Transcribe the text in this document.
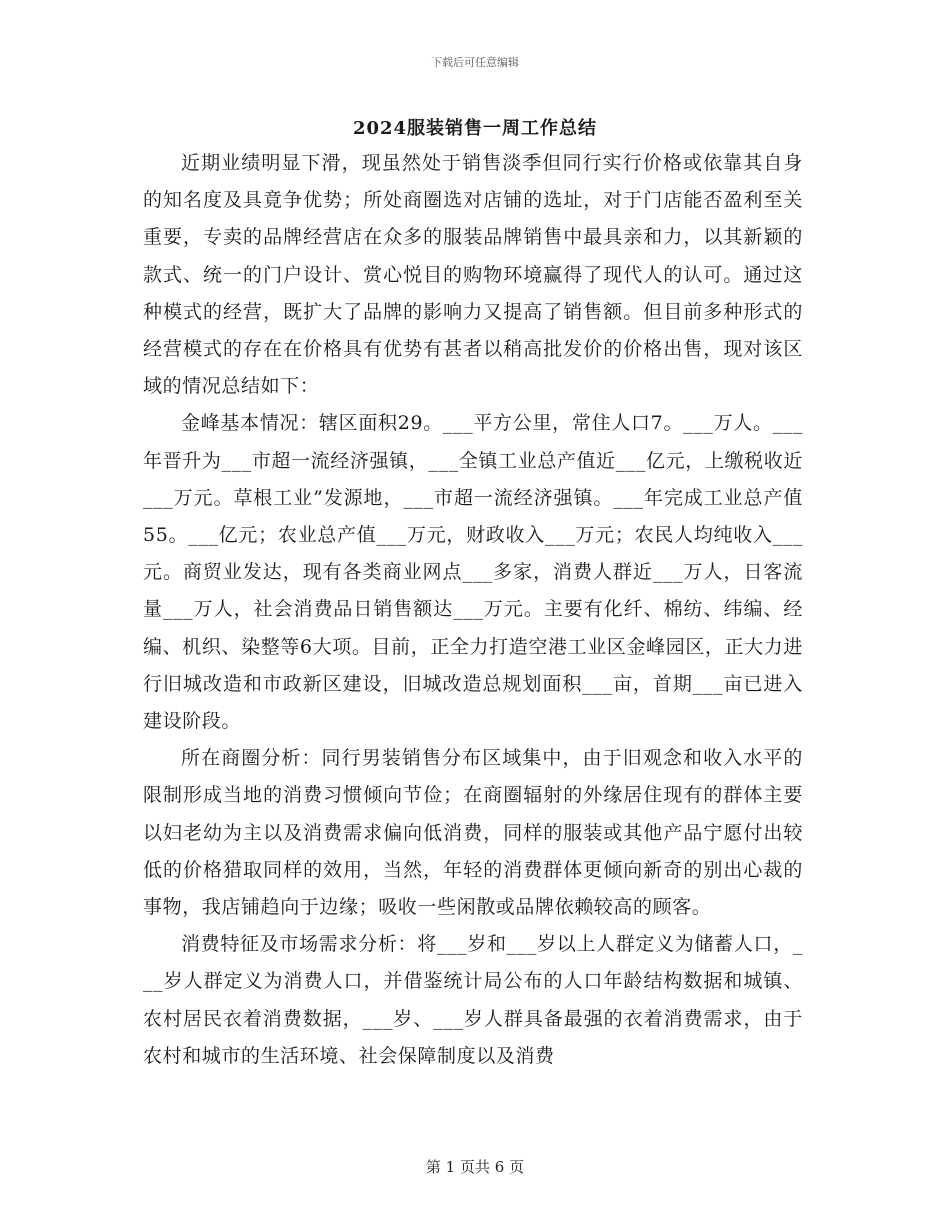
下载后可任意编辑
2024服装销售一周工作总结

近期业绩明显下滑，现虽然处于销售淡季但同行实行价格或依靠其自身的知名度及具竟争优势；所处商圈选对店铺的选址，对于门店能否盈利至关重要，专卖的品牌经营店在众多的服装品牌销售中最具亲和力，以其新颖的款式、统一的门户设计、赏心悦目的购物环境赢得了现代人的认可。通过这种模式的经营，既扩大了品牌的影响力又提高了销售额。但目前多种形式的经营模式的存在在价格具有优势有甚者以稍高批发价的价格出售，现对该区域的情况总结如下：

金峰基本情况：辖区面积29。___平方公里，常住人口7。___万人。___年晋升为___市超一流经济强镇，___全镇工业总产值近___亿元，上缴税收近___万元。草根工业”发源地，___市超一流经济强镇。___年完成工业总产值55。___亿元；农业总产值___万元，财政收入___万元；农民人均纯收入___元。商贸业发达，现有各类商业网点___多家，消费人群近___万人，日客流量___万人，社会消费品日销售额达___万元。主要有化纤、棉纺、纬编、经编、机织、染整等6大项。目前，正全力打造空港工业区金峰园区，正大力进行旧城改造和市政新区建设，旧城改造总规划面积___亩，首期___亩已进入建设阶段。

所在商圈分析：同行男装销售分布区域集中，由于旧观念和收入水平的限制形成当地的消费习惯倾向节俭；在商圈辐射的外缘居住现有的群体主要以妇老幼为主以及消费需求偏向低消费，同样的服装或其他产品宁愿付出较低的价格猎取同样的效用，当然，年轻的消费群体更倾向新奇的别出心裁的事物，我店铺趋向于边缘；吸收一些闲散或品牌依赖较高的顾客。

消费特征及市场需求分析：将___岁和___岁以上人群定义为储蓄人口，___岁人群定义为消费人口，并借鉴统计局公布的人口年龄结构数据和城镇、农村居民衣着消费数据，___岁、___岁人群具备最强的衣着消费需求，由于农村和城市的生活环境、社会保障制度以及消费

第 1 页共 6 页
